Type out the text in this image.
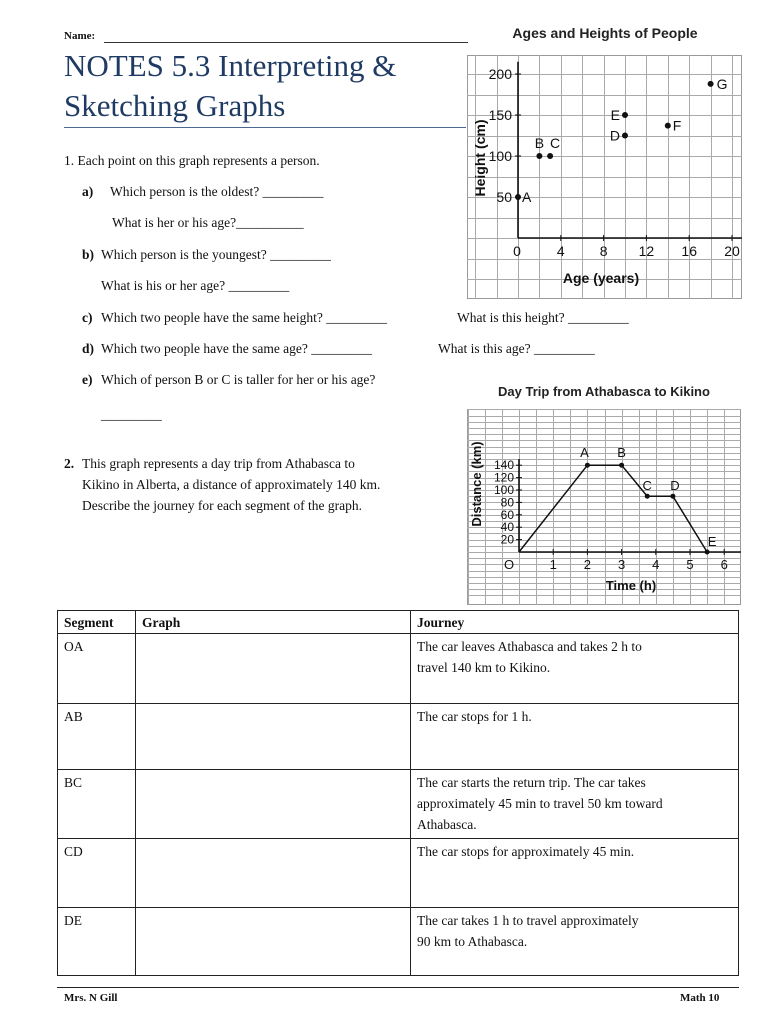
Name:
NOTES 5.3 Interpreting &
Sketching Graphs
1. Each point on this graph represents a person.
a) Which person is the oldest? _________
What is her or his age?__________
b) Which person is the youngest? _________
What is his or her age? _________
c) Which two people have the same height? _________	What is this height? _________
d) Which two people have the same age? _________	What is this age? _________
e) Which of person B or C is taller for her or his age?
_________
2. This graph represents a day trip from Athabasca to
Kikino in Alberta, a distance of approximately 140 km.
Describe the journey for each segment of the graph.
Ages and Heights of People
0	4	8 12 16 20
50
100
150
200
Age (years)
Height (cm)
A
B C	D
E
F
G
Day Trip from Athabasca to Kikino
O	1 2 3 4 5 6
20
40
60
80
100
120
140
Time (h)
Distance (km)	A B
C D
E
Segment	Graph	Journey
OA		The car leaves Athabasca and takes 2 h to
travel 140 km to Kikino.

AB		The car stops for 1 h.

BC		The car starts the return trip. The car takes
approximately 45 min to travel 50 km toward
Athabasca.

CD		The car stops for approximately 45 min.

DE		The car takes 1 h to travel approximately
90 km to Athabasca.
Mrs. N Gill	Math 10
